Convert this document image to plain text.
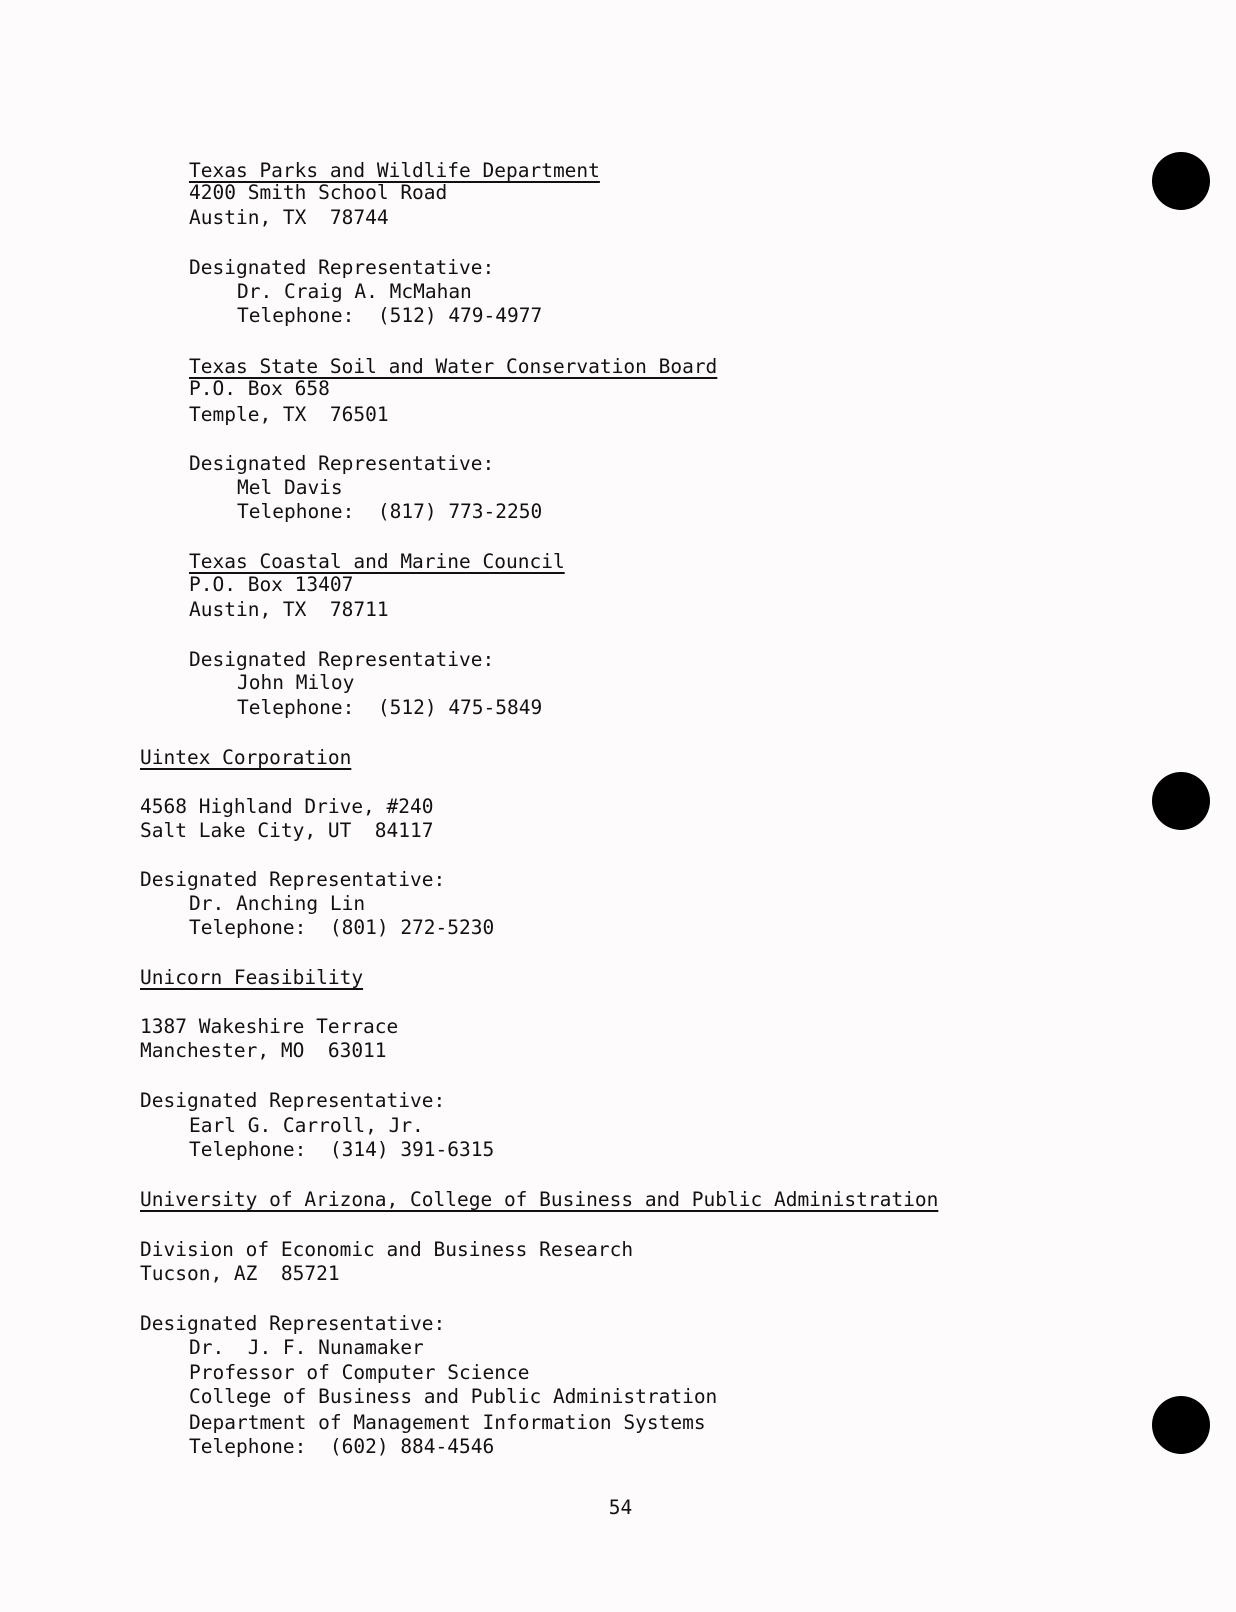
Texas Parks and Wildlife Department
4200 Smith School Road
Austin, TX  78744
Designated Representative:
Dr. Craig A. McMahan
Telephone:  (512) 479-4977
Texas State Soil and Water Conservation Board
P.O. Box 658
Temple, TX  76501
Designated Representative:
Mel Davis
Telephone:  (817) 773-2250
Texas Coastal and Marine Council
P.O. Box 13407
Austin, TX  78711
Designated Representative:
John Miloy
Telephone:  (512) 475-5849
Uintex Corporation
4568 Highland Drive, #240
Salt Lake City, UT  84117
Designated Representative:
Dr. Anching Lin
Telephone:  (801) 272-5230
Unicorn Feasibility
1387 Wakeshire Terrace
Manchester, MO  63011
Designated Representative:
Earl G. Carroll, Jr.
Telephone:  (314) 391-6315
University of Arizona, College of Business and Public Administration
Division of Economic and Business Research
Tucson, AZ  85721
Designated Representative:
Dr.  J. F. Nunamaker
Professor of Computer Science
College of Business and Public Administration
Department of Management Information Systems
Telephone:  (602) 884-4546
54
